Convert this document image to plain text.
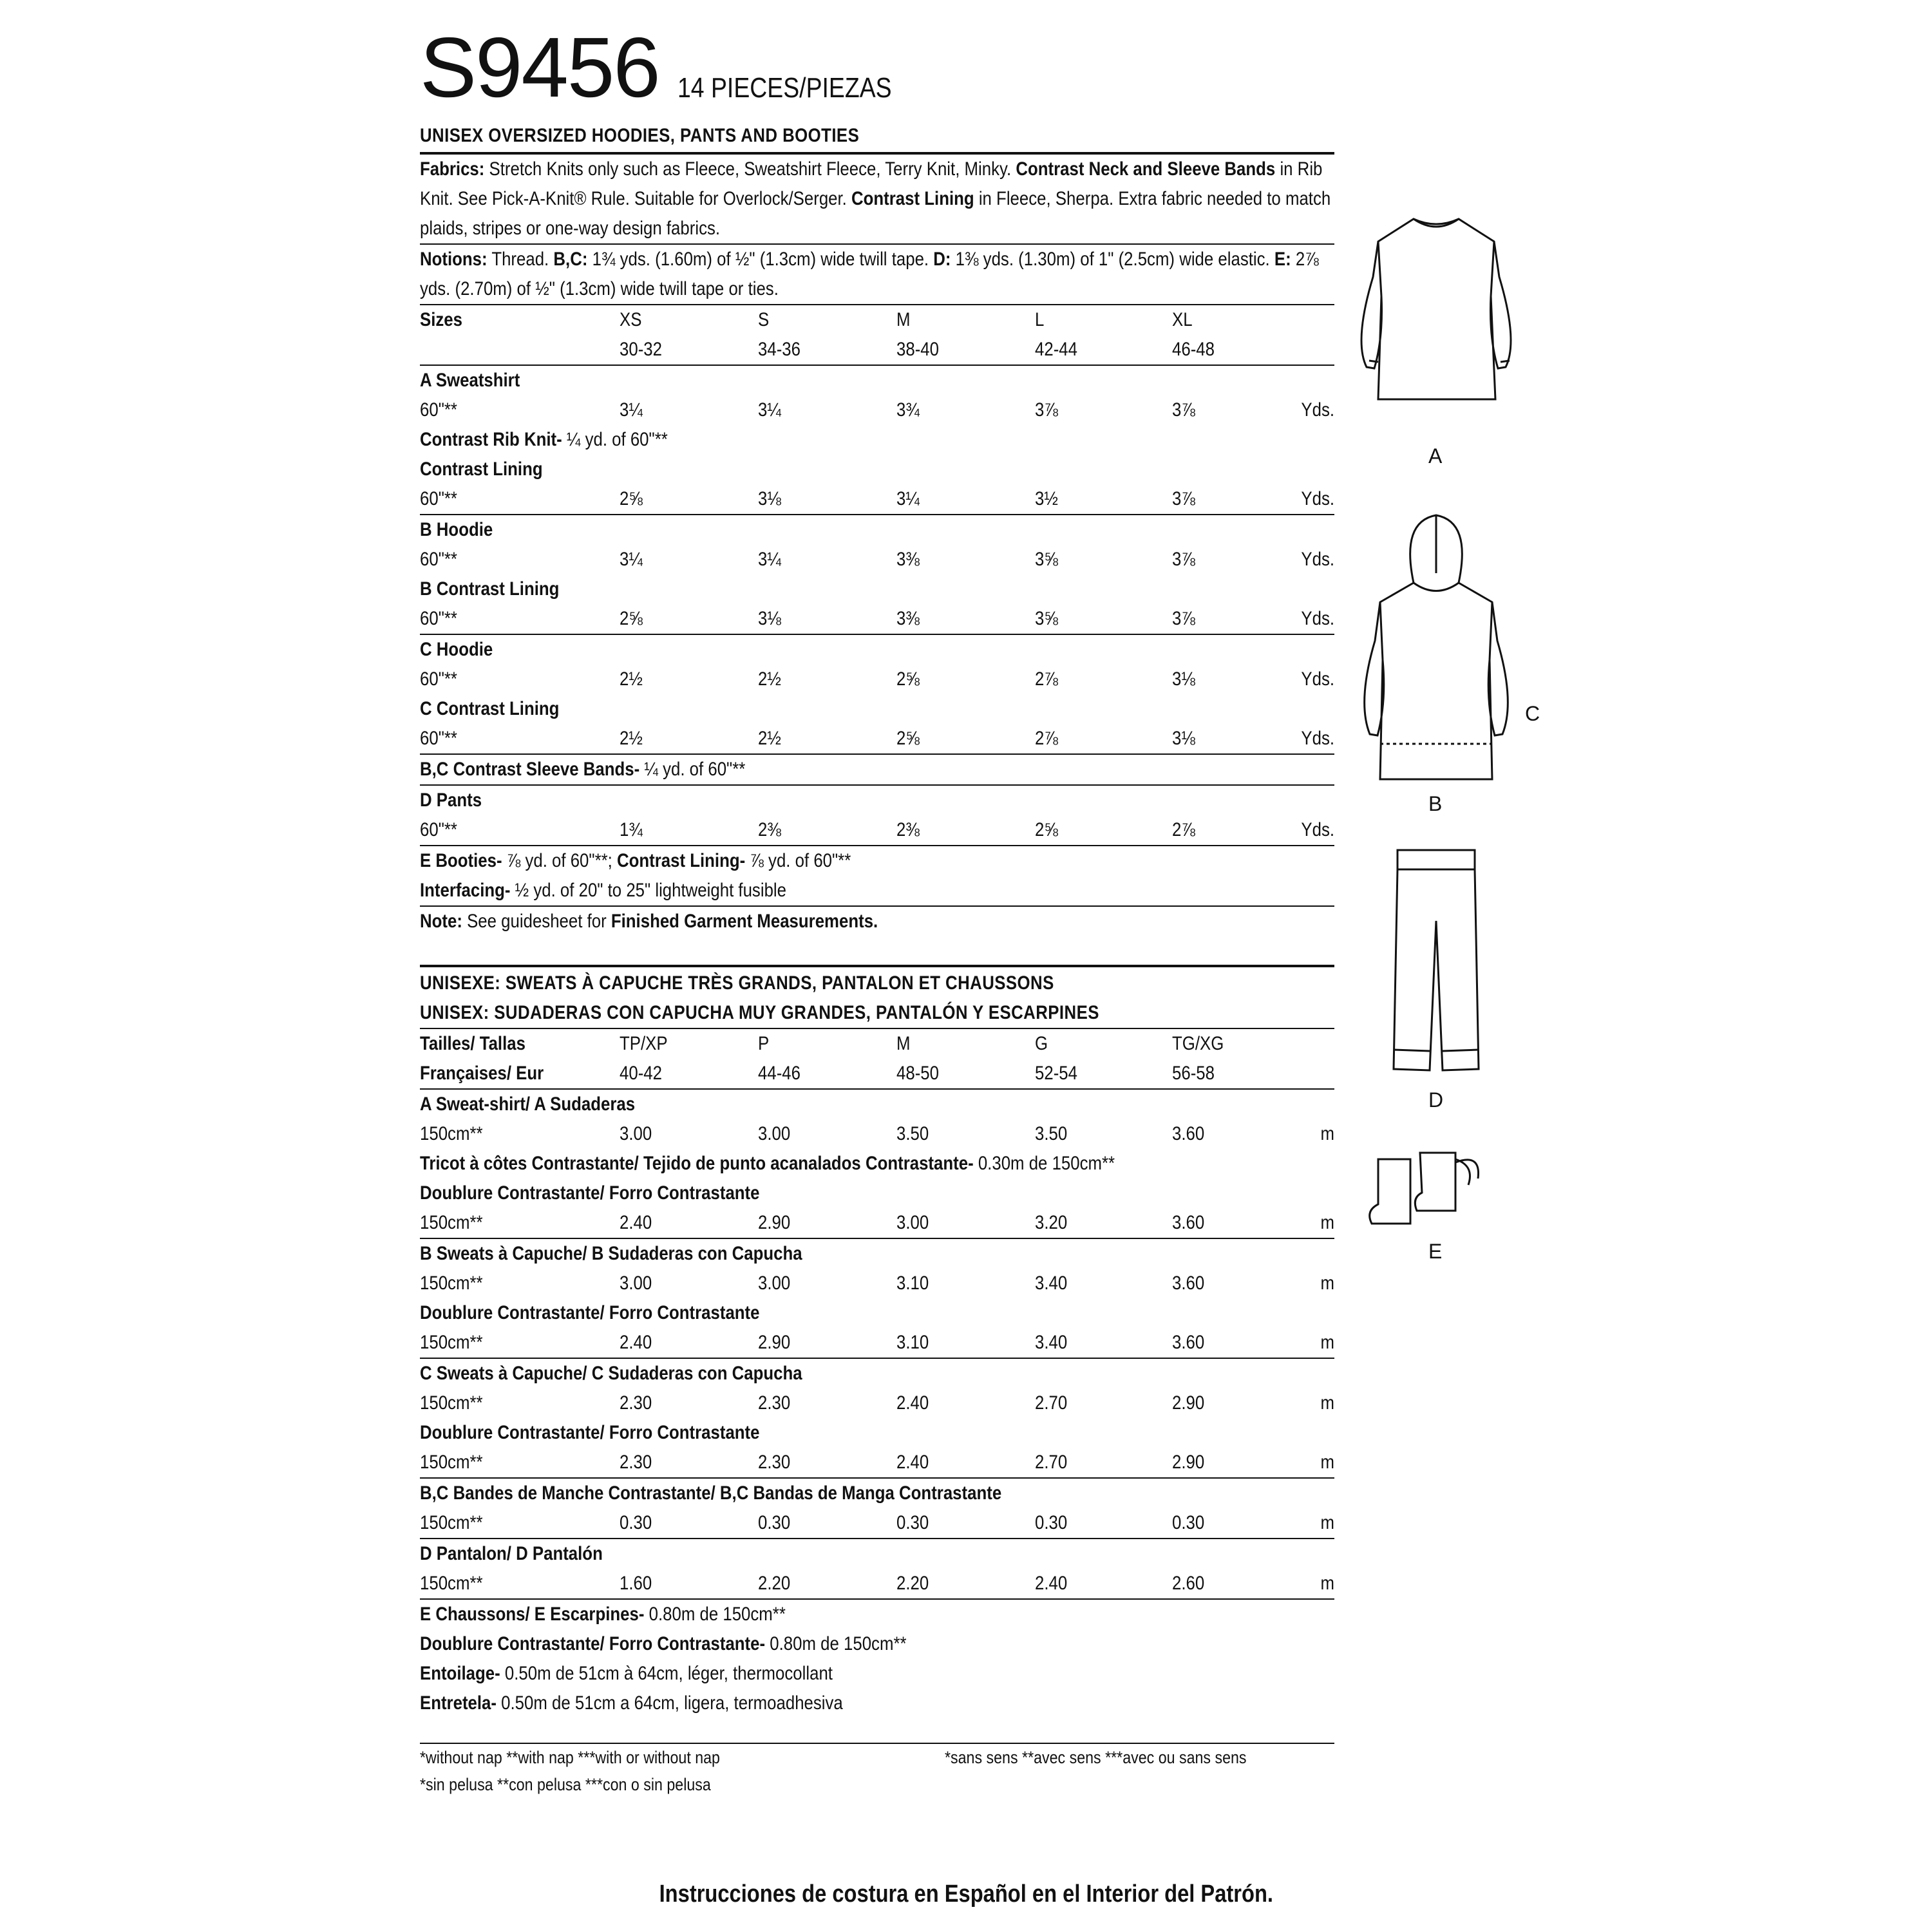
S9456 14 PIECES/PIEZAS
UNISEX OVERSIZED HOODIES, PANTS AND BOOTIES
Fabrics: Stretch Knits only such as Fleece, Sweatshirt Fleece, Terry Knit, Minky. Contrast Neck and Sleeve Bands in Rib Knit. See Pick-A-Knit® Rule. Suitable for Overlock/Serger. Contrast Lining in Fleece, Sherpa. Extra fabric needed to match plaids, stripes or one-way design fabrics.
Notions: Thread. B,C: 1¾ yds. (1.60m) of ½" (1.3cm) wide twill tape. D: 1⅜ yds. (1.30m) of 1" (2.5cm) wide elastic. E: 2⅞ yds. (2.70m) of ½" (1.3cm) wide twill tape or ties.
Sizes	XS	S	M	L	XL
30-32	34-36	38-40	42-44	46-48
A Sweatshirt
60"**	3¼	3¼	3¾	3⅞	3⅞	Yds.
Contrast Rib Knit- ¼ yd. of 60"**
Contrast Lining
60"**	2⅝	3⅛	3¼	3½	3⅞	Yds.
B Hoodie
60"**	3¼	3¼	3⅜	3⅝	3⅞	Yds.
B Contrast Lining
60"**	2⅝	3⅛	3⅜	3⅝	3⅞	Yds.
C Hoodie
60"**	2½	2½	2⅝	2⅞	3⅛	Yds.
C Contrast Lining
60"**	2½	2½	2⅝	2⅞	3⅛	Yds.
B,C Contrast Sleeve Bands- ¼ yd. of 60"**
D Pants
60"**	1¾	2⅜	2⅜	2⅝	2⅞	Yds.
E Booties- ⅞ yd. of 60"**; Contrast Lining- ⅞ yd. of 60"**
Interfacing- ½ yd. of 20" to 25" lightweight fusible
Note: See guidesheet for Finished Garment Measurements.
UNISEXE: SWEATS À CAPUCHE TRÈS GRANDS, PANTALON ET CHAUSSONS
UNISEX: SUDADERAS CON CAPUCHA MUY GRANDES, PANTALÓN Y ESCARPINES
Tailles/ Tallas	TP/XP	P	M	G	TG/XG
Françaises/ Eur	40-42	44-46	48-50	52-54	56-58
A Sweat-shirt/ A Sudaderas
150cm**	3.00	3.00	3.50	3.50	3.60	m
Tricot à côtes Contrastante/ Tejido de punto acanalados Contrastante- 0.30m de 150cm**
Doublure Contrastante/ Forro Contrastante
150cm**	2.40	2.90	3.00	3.20	3.60	m
B Sweats à Capuche/ B Sudaderas con Capucha
150cm**	3.00	3.00	3.10	3.40	3.60	m
Doublure Contrastante/ Forro Contrastante
150cm**	2.40	2.90	3.10	3.40	3.60	m
C Sweats à Capuche/ C Sudaderas con Capucha
150cm**	2.30	2.30	2.40	2.70	2.90	m
Doublure Contrastante/ Forro Contrastante
150cm**	2.30	2.30	2.40	2.70	2.90	m
B,C Bandes de Manche Contrastante/ B,C Bandas de Manga Contrastante
150cm**	0.30	0.30	0.30	0.30	0.30	m
D Pantalon/ D Pantalón
150cm**	1.60	2.20	2.20	2.40	2.60	m
E Chaussons/ E Escarpines- 0.80m de 150cm**
Doublure Contrastante/ Forro Contrastante- 0.80m de 150cm**
Entoilage- 0.50m de 51cm à 64cm, léger, thermocollant
Entretela- 0.50m de 51cm a 64cm, ligera, termoadhesiva
*without nap **with nap ***with or without nap	*sans sens **avec sens ***avec ou sans sens
*sin pelusa **con pelusa ***con o sin pelusa
Instrucciones de costura en Español en el Interior del Patrón.
A
C
B
D
E
